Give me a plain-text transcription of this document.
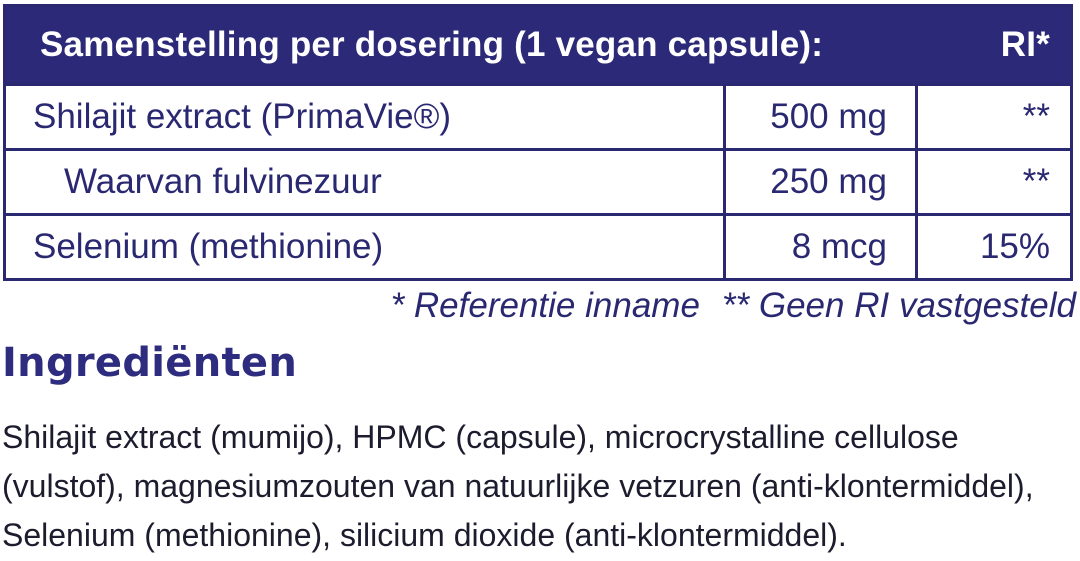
Samenstelling per dosering (1 vegan capsule):	RI*
Shilajit extract (PrimaVie®)	500 mg	**
Waarvan fulvinezuur	250 mg	**
Selenium (methionine)	8 mcg	15%
* Referentie inname ** Geen RI vastgesteld
Ingrediënten
Shilajit extract (mumijo), HPMC (capsule), microcrystalline cellulose
(vulstof), magnesiumzouten van natuurlijke vetzuren (anti-klontermiddel),
Selenium (methionine), silicium dioxide (anti-klontermiddel).
